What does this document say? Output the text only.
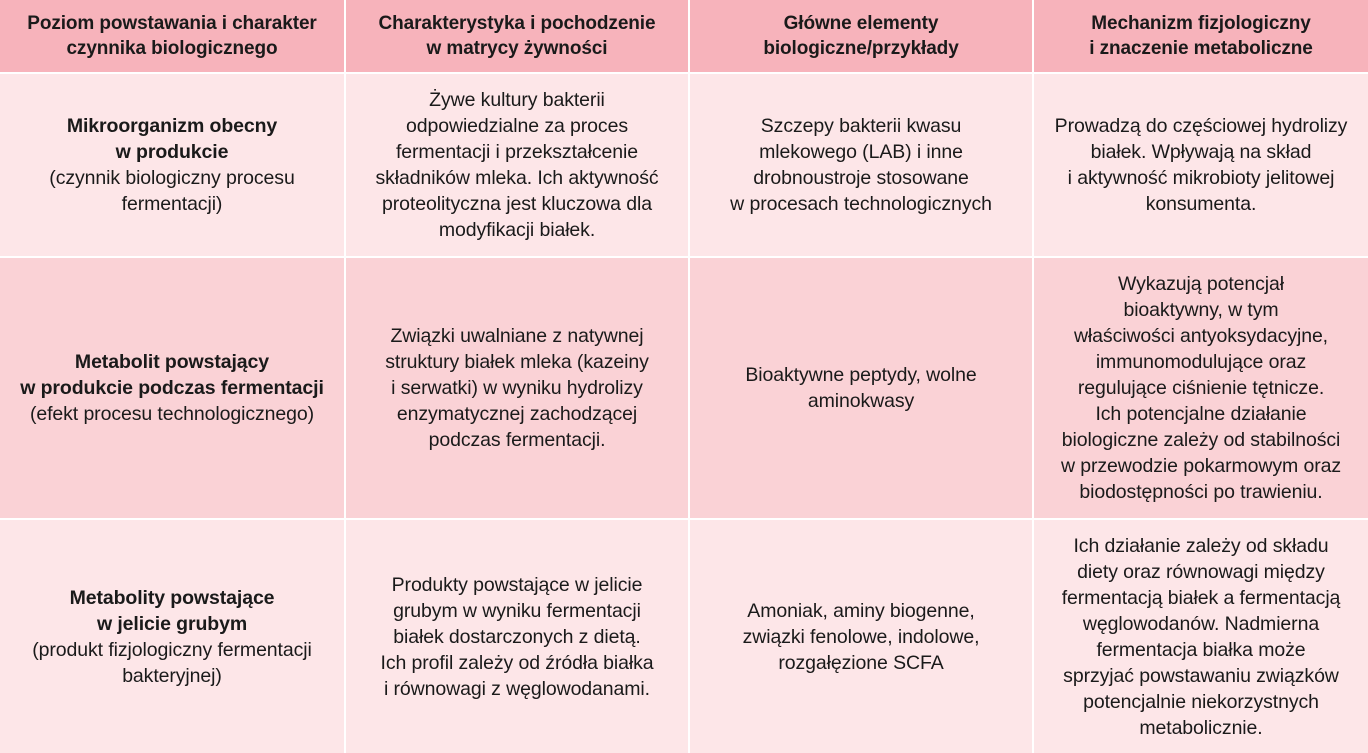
Poziom powstawania i charakter
czynnika biologicznego
Charakterystyka i pochodzenie
w matrycy żywności
Główne elementy
biologiczne/przykłady
Mechanizm fizjologiczny
i znaczenie metaboliczne
Mikroorganizm obecny
w produkcie
(czynnik biologiczny procesu
fermentacji)
Żywe kultury bakterii
odpowiedzialne za proces
fermentacji i przekształcenie
składników mleka. Ich aktywność
proteolityczna jest kluczowa dla
modyfikacji białek.
Szczepy bakterii kwasu
mlekowego (LAB) i inne
drobnoustroje stosowane
w procesach technologicznych
Prowadzą do częściowej hydrolizy
białek. Wpływają na skład
i aktywność mikrobioty jelitowej
konsumenta.
Metabolit powstający
w produkcie podczas fermentacji
(efekt procesu technologicznego)
Związki uwalniane z natywnej
struktury białek mleka (kazeiny
i serwatki) w wyniku hydrolizy
enzymatycznej zachodzącej
podczas fermentacji.
Bioaktywne peptydy, wolne
aminokwasy
Wykazują potencjał
bioaktywny, w tym
właściwości antyoksydacyjne,
immunomodulujące oraz
regulujące ciśnienie tętnicze.
Ich potencjalne działanie
biologiczne zależy od stabilności
w przewodzie pokarmowym oraz
biodostępności po trawieniu.
Metabolity powstające
w jelicie grubym
(produkt fizjologiczny fermentacji
bakteryjnej)
Produkty powstające w jelicie
grubym w wyniku fermentacji
białek dostarczonych z dietą.
Ich profil zależy od źródła białka
i równowagi z węglowodanami.
Amoniak, aminy biogenne,
związki fenolowe, indolowe,
rozgałęzione SCFA
Ich działanie zależy od składu
diety oraz równowagi między
fermentacją białek a fermentacją
węglowodanów. Nadmierna
fermentacja białka może
sprzyjać powstawaniu związków
potencjalnie niekorzystnych
metabolicznie.
